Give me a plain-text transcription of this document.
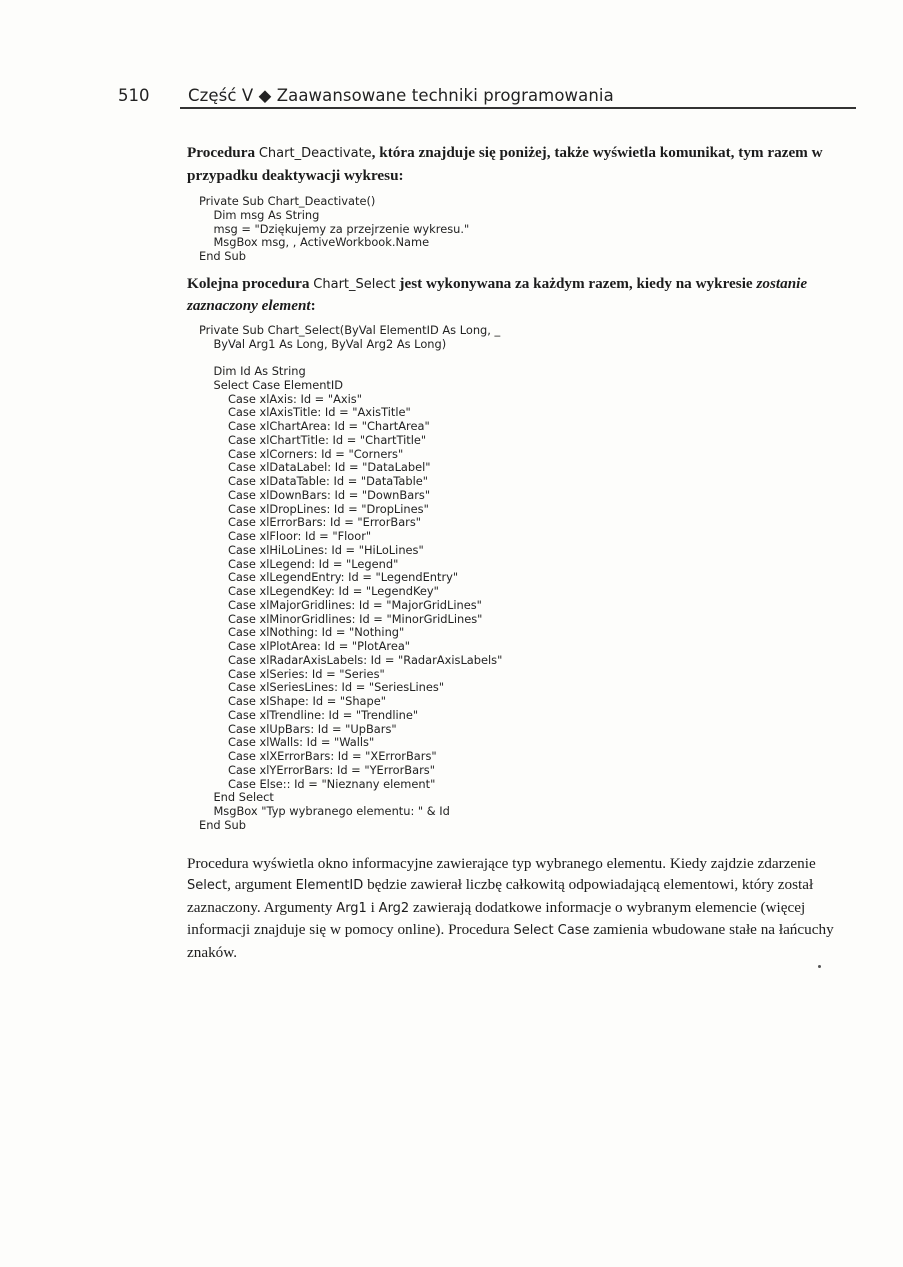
510 Część V ◆ Zaawansowane techniki programowania

Procedura Chart_Deactivate, która znajduje się poniżej, także wyświetla komunikat, tym razem w przypadku deaktywacji wykresu:

Private Sub Chart_Deactivate()
Dim msg As String
msg = "Dziękujemy za przejrzenie wykresu."
MsgBox msg, , ActiveWorkbook.Name
End Sub

Kolejna procedura Chart_Select jest wykonywana za każdym razem, kiedy na wykresie zostanie zaznaczony element:

Private Sub Chart_Select(ByVal ElementID As Long, _
ByVal Arg1 As Long, ByVal Arg2 As Long)

Dim Id As String
Select Case ElementID
Case xlAxis: Id = "Axis"
Case xlAxisTitle: Id = "AxisTitle"
Case xlChartArea: Id = "ChartArea"
Case xlChartTitle: Id = "ChartTitle"
Case xlCorners: Id = "Corners"
Case xlDataLabel: Id = "DataLabel"
Case xlDataTable: Id = "DataTable"
Case xlDownBars: Id = "DownBars"
Case xlDropLines: Id = "DropLines"
Case xlErrorBars: Id = "ErrorBars"
Case xlFloor: Id = "Floor"
Case xlHiLoLines: Id = "HiLoLines"
Case xlLegend: Id = "Legend"
Case xlLegendEntry: Id = "LegendEntry"
Case xlLegendKey: Id = "LegendKey"
Case xlMajorGridlines: Id = "MajorGridLines"
Case xlMinorGridlines: Id = "MinorGridLines"
Case xlNothing: Id = "Nothing"
Case xlPlotArea: Id = "PlotArea"
Case xlRadarAxisLabels: Id = "RadarAxisLabels"
Case xlSeries: Id = "Series"
Case xlSeriesLines: Id = "SeriesLines"
Case xlShape: Id = "Shape"
Case xlTrendline: Id = "Trendline"
Case xlUpBars: Id = "UpBars"
Case xlWalls: Id = "Walls"
Case xlXErrorBars: Id = "XErrorBars"
Case xlYErrorBars: Id = "YErrorBars"
Case Else:: Id = "Nieznany element"
End Select
MsgBox "Typ wybranego elementu: " & Id
End Sub

Procedura wyświetla okno informacyjne zawierające typ wybranego elementu. Kiedy zajdzie zdarzenie Select, argument ElementID będzie zawierał liczbę całkowitą odpowiadającą elementowi, który został zaznaczony. Argumenty Arg1 i Arg2 zawierają dodatkowe informacje o wybranym elemencie (więcej informacji znajduje się w pomocy online). Procedura Select Case zamienia wbudowane stałe na łańcuchy znaków.
